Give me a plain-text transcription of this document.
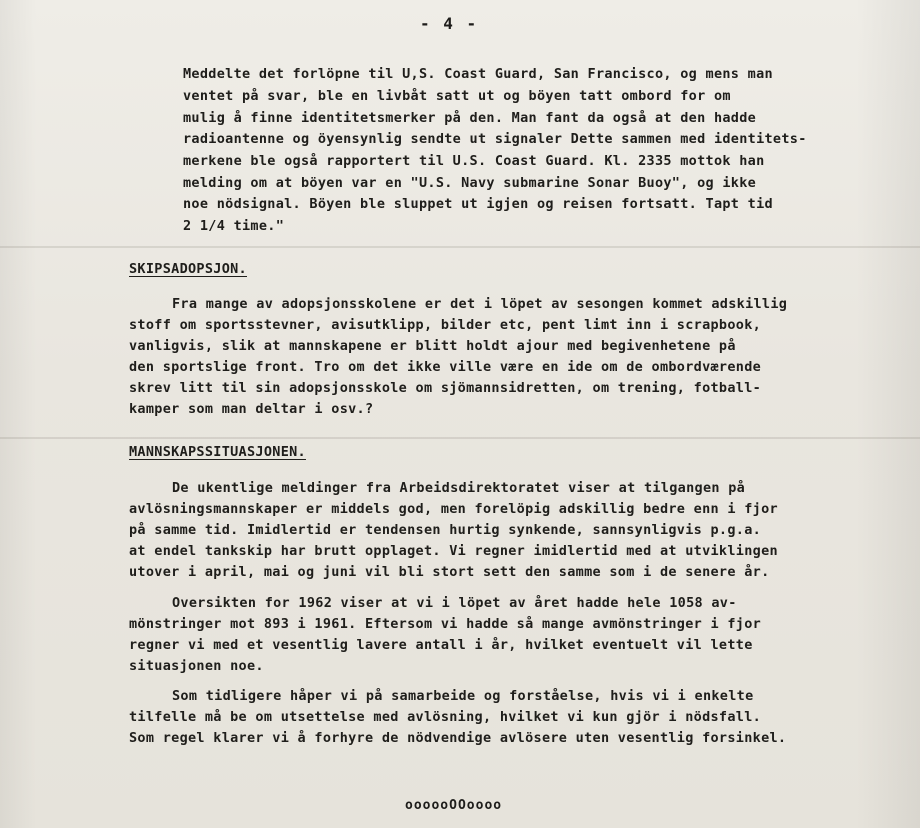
- 4 -
Meddelte det forlöpne til U,S. Coast Guard, San Francisco, og mens man
ventet på svar, ble en livbåt satt ut og böyen tatt ombord for om
mulig å finne identitetsmerker på den. Man fant da også at den hadde
radioantenne og öyensynlig sendte ut signaler Dette sammen med identitets-
merkene ble også rapportert til U.S. Coast Guard. Kl. 2335 mottok han
melding om at böyen var en "U.S. Navy submarine Sonar Buoy", og ikke
noe nödsignal. Böyen ble sluppet ut igjen og reisen fortsatt. Tapt tid
2 1/4 time."
SKIPSADOPSJON.
Fra mange av adopsjonsskolene er det i löpet av sesongen kommet adskillig
stoff om sportsstevner, avisutklipp, bilder etc, pent limt inn i scrapbook,
vanligvis, slik at mannskapene er blitt holdt ajour med begivenhetene på
den sportslige front. Tro om det ikke ville være en ide om de ombordværende
skrev litt til sin adopsjonsskole om sjömannsidretten, om trening, fotball-
kamper som man deltar i osv.?
MANNSKAPSSITUASJONEN.
De ukentlige meldinger fra Arbeidsdirektoratet viser at tilgangen på
avlösningsmannskaper er middels god, men forelöpig adskillig bedre enn i fjor
på samme tid. Imidlertid er tendensen hurtig synkende, sannsynligvis p.g.a.
at endel tankskip har brutt opplaget. Vi regner imidlertid med at utviklingen
utover i april, mai og juni vil bli stort sett den samme som i de senere år.
Oversikten for 1962 viser at vi i löpet av året hadde hele 1058 av-
mönstringer mot 893 i 1961. Eftersom vi hadde så mange avmönstringer i fjor
regner vi med et vesentlig lavere antall i år, hvilket eventuelt vil lette
situasjonen noe.
Som tidligere håper vi på samarbeide og forståelse, hvis vi i enkelte
tilfelle må be om utsettelse med avlösning, hvilket vi kun gjör i nödsfall.
Som regel klarer vi å forhyre de nödvendige avlösere uten vesentlig forsinkel.
oooooOOoooo
